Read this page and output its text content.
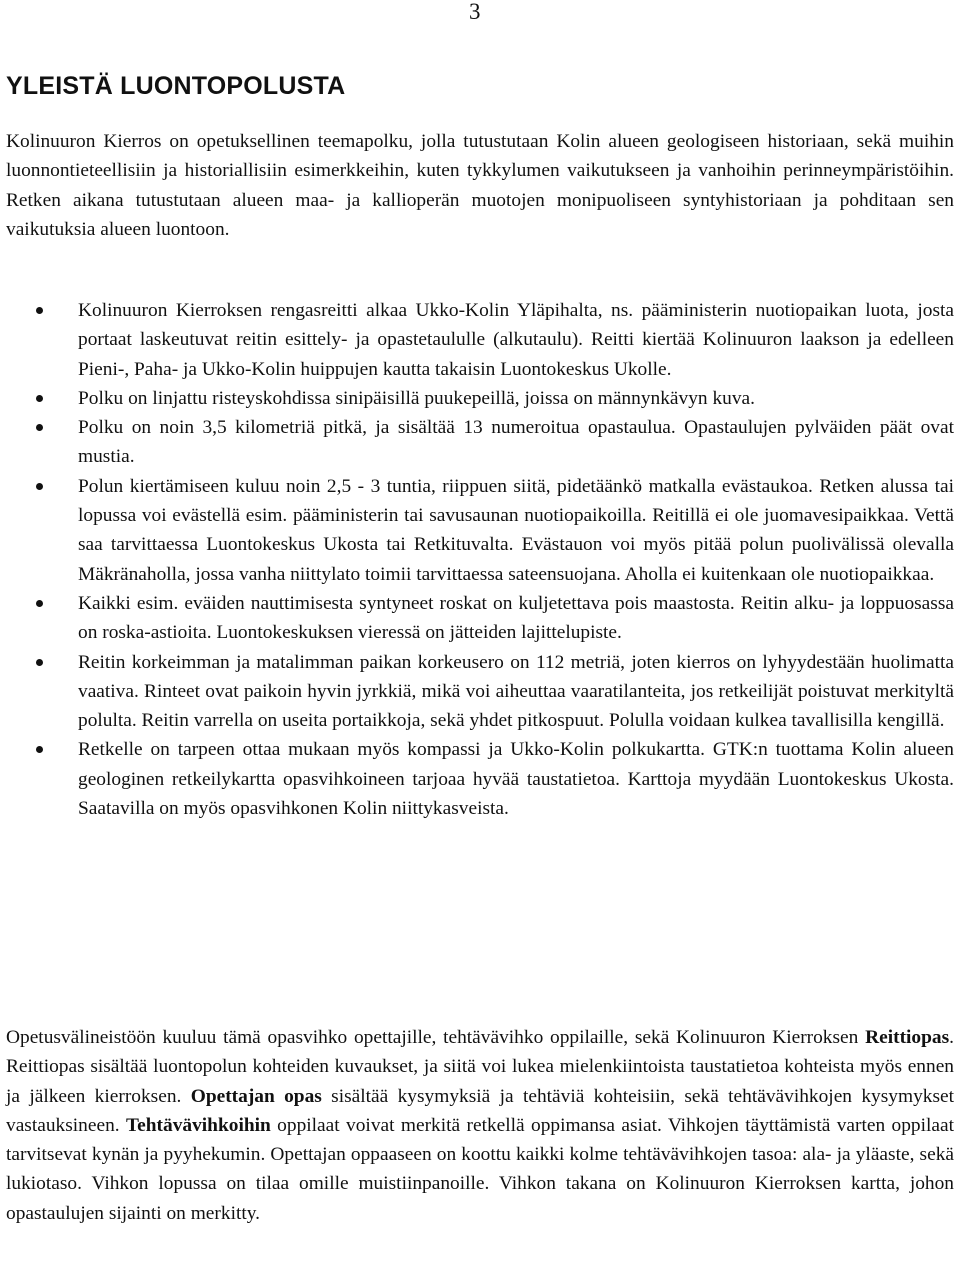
3
YLEISTÄ LUONTOPOLUSTA

Kolinuuron Kierros on opetuksellinen teemapolku, jolla tutustutaan Kolin alueen geologiseen historiaan, sekä muihin luonnontieteellisiin ja historiallisiin esimerkkeihin, kuten tykkylumen vaikutukseen ja vanhoihin perinneympäristöihin. Retken aikana tutustutaan alueen maa- ja kallioperän muotojen monipuoliseen syntyhistoriaan ja pohditaan sen vaikutuksia alueen luontoon.

Kolinuuron Kierroksen rengasreitti alkaa Ukko-Kolin Yläpihalta, ns. pääministerin nuotiopaikan luota, josta portaat laskeutuvat reitin esittely- ja opastetaululle (alkutaulu). Reitti kiertää Kolinuuron laakson ja edelleen Pieni-, Paha- ja Ukko-Kolin huippujen kautta takaisin Luontokeskus Ukolle.

Polku on linjattu risteyskohdissa sinipäisillä puukepeillä, joissa on männynkävyn kuva.

Polku on noin 3,5 kilometriä pitkä, ja sisältää 13 numeroitua opastaulua. Opastaulujen pylväiden päät ovat mustia.

Polun kiertämiseen kuluu noin 2,5 - 3 tuntia, riippuen siitä, pidetäänkö matkalla evästaukoa. Retken alussa tai lopussa voi evästellä esim. pääministerin tai savusaunan nuotiopaikoilla. Reitillä ei ole juomavesipaikkaa. Vettä saa tarvittaessa Luontokeskus Ukosta tai Retkituvalta. Evästauon voi myös pitää polun puolivälissä olevalla Mäkränaholla, jossa vanha niittylato toimii tarvittaessa sateensuojana. Aholla ei kuitenkaan ole nuotiopaikkaa.

Kaikki esim. eväiden nauttimisesta syntyneet roskat on kuljetettava pois maastosta. Reitin alku- ja loppuosassa on roska-astioita. Luontokeskuksen vieressä on jätteiden lajittelupiste.

Reitin korkeimman ja matalimman paikan korkeusero on 112 metriä, joten kierros on lyhyydestään huolimatta vaativa. Rinteet ovat paikoin hyvin jyrkkiä, mikä voi aiheuttaa vaaratilanteita, jos retkeilijät poistuvat merkityltä polulta. Reitin varrella on useita portaikkoja, sekä yhdet pitkospuut. Polulla voidaan kulkea tavallisilla kengillä.

Retkelle on tarpeen ottaa mukaan myös kompassi ja Ukko-Kolin polkukartta. GTK:n tuottama Kolin alueen geologinen retkeilykartta opasvihkoineen tarjoaa hyvää taustatietoa. Karttoja myydään Luontokeskus Ukosta. Saatavilla on myös opasvihkonen Kolin niittykasveista.

Opetusvälineistöön kuuluu tämä opasvihko opettajille, tehtävävihko oppilaille, sekä Kolinuuron Kierroksen Reittiopas. Reittiopas sisältää luontopolun kohteiden kuvaukset, ja siitä voi lukea mielenkiintoista taustatietoa kohteista myös ennen ja jälkeen kierroksen. Opettajan opas sisältää kysymyksiä ja tehtäviä kohteisiin, sekä tehtävävihkojen kysymykset vastauksineen. Tehtävävihkoihin oppilaat voivat merkitä retkellä oppimansa asiat. Vihkojen täyttämistä varten oppilaat tarvitsevat kynän ja pyyhekumin. Opettajan oppaaseen on koottu kaikki kolme tehtävävihkojen tasoa: ala- ja yläaste, sekä lukiotaso. Vihkon lopussa on tilaa omille muistiinpanoille. Vihkon takana on Kolinuuron Kierroksen kartta, johon opastaulujen sijainti on merkitty.
